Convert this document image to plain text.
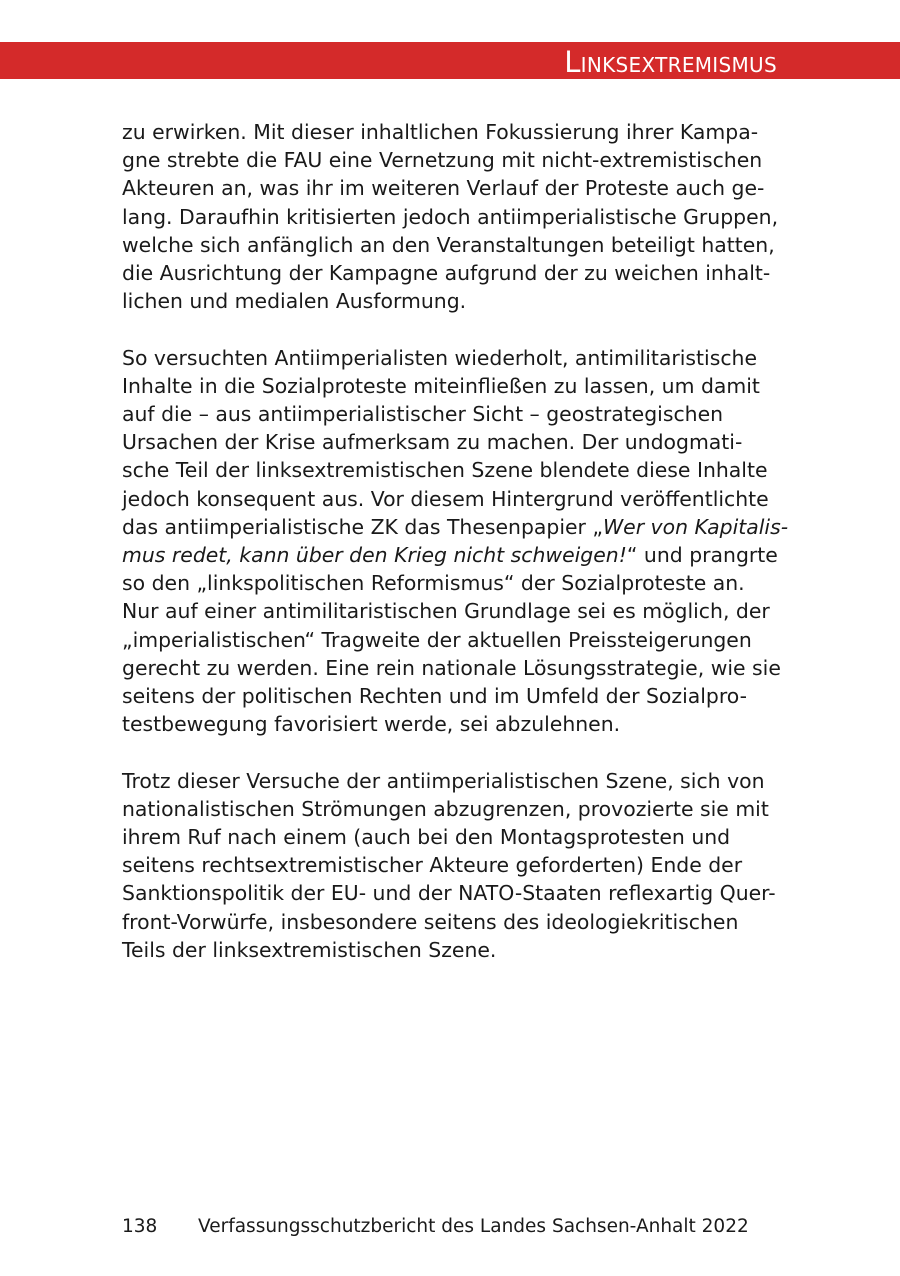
Linksextremismus

zu erwirken. Mit dieser inhaltlichen Fokussierung ihrer Kampa-
gne strebte die FAU eine Vernetzung mit nicht-extremistischen
Akteuren an, was ihr im weiteren Verlauf der Proteste auch ge-
lang. Daraufhin kritisierten jedoch antiimperialistische Gruppen,
welche sich anfänglich an den Veranstaltungen beteiligt hatten,
die Ausrichtung der Kampagne aufgrund der zu weichen inhalt-
lichen und medialen Ausformung.

So versuchten Antiimperialisten wiederholt, antimilitaristische
Inhalte in die Sozialproteste miteinfließen zu lassen, um damit
auf die – aus antiimperialistischer Sicht – geostrategischen
Ursachen der Krise aufmerksam zu machen. Der undogmati-
sche Teil der linksextremistischen Szene blendete diese Inhalte
jedoch konsequent aus. Vor diesem Hintergrund veröffentlichte
das antiimperialistische ZK das Thesenpapier „Wer von Kapitalis-
mus redet, kann über den Krieg nicht schweigen!“ und prangrte
so den „linkspolitischen Reformismus“ der Sozialproteste an.
Nur auf einer antimilitaristischen Grundlage sei es möglich, der
„imperialistischen“ Tragweite der aktuellen Preissteigerungen
gerecht zu werden. Eine rein nationale Lösungsstrategie, wie sie
seitens der politischen Rechten und im Umfeld der Sozialpro-
testbewegung favorisiert werde, sei abzulehnen.

Trotz dieser Versuche der antiimperialistischen Szene, sich von
nationalistischen Strömungen abzugrenzen, provozierte sie mit
ihrem Ruf nach einem (auch bei den Montagsprotesten und
seitens rechtsextremistischer Akteure geforderten) Ende der
Sanktionspolitik der EU- und der NATO-Staaten reflexartig Quer-
front-Vorwürfe, insbesondere seitens des ideologiekritischen
Teils der linksextremistischen Szene.

138 Verfassungsschutzbericht des Landes Sachsen-Anhalt 2022
